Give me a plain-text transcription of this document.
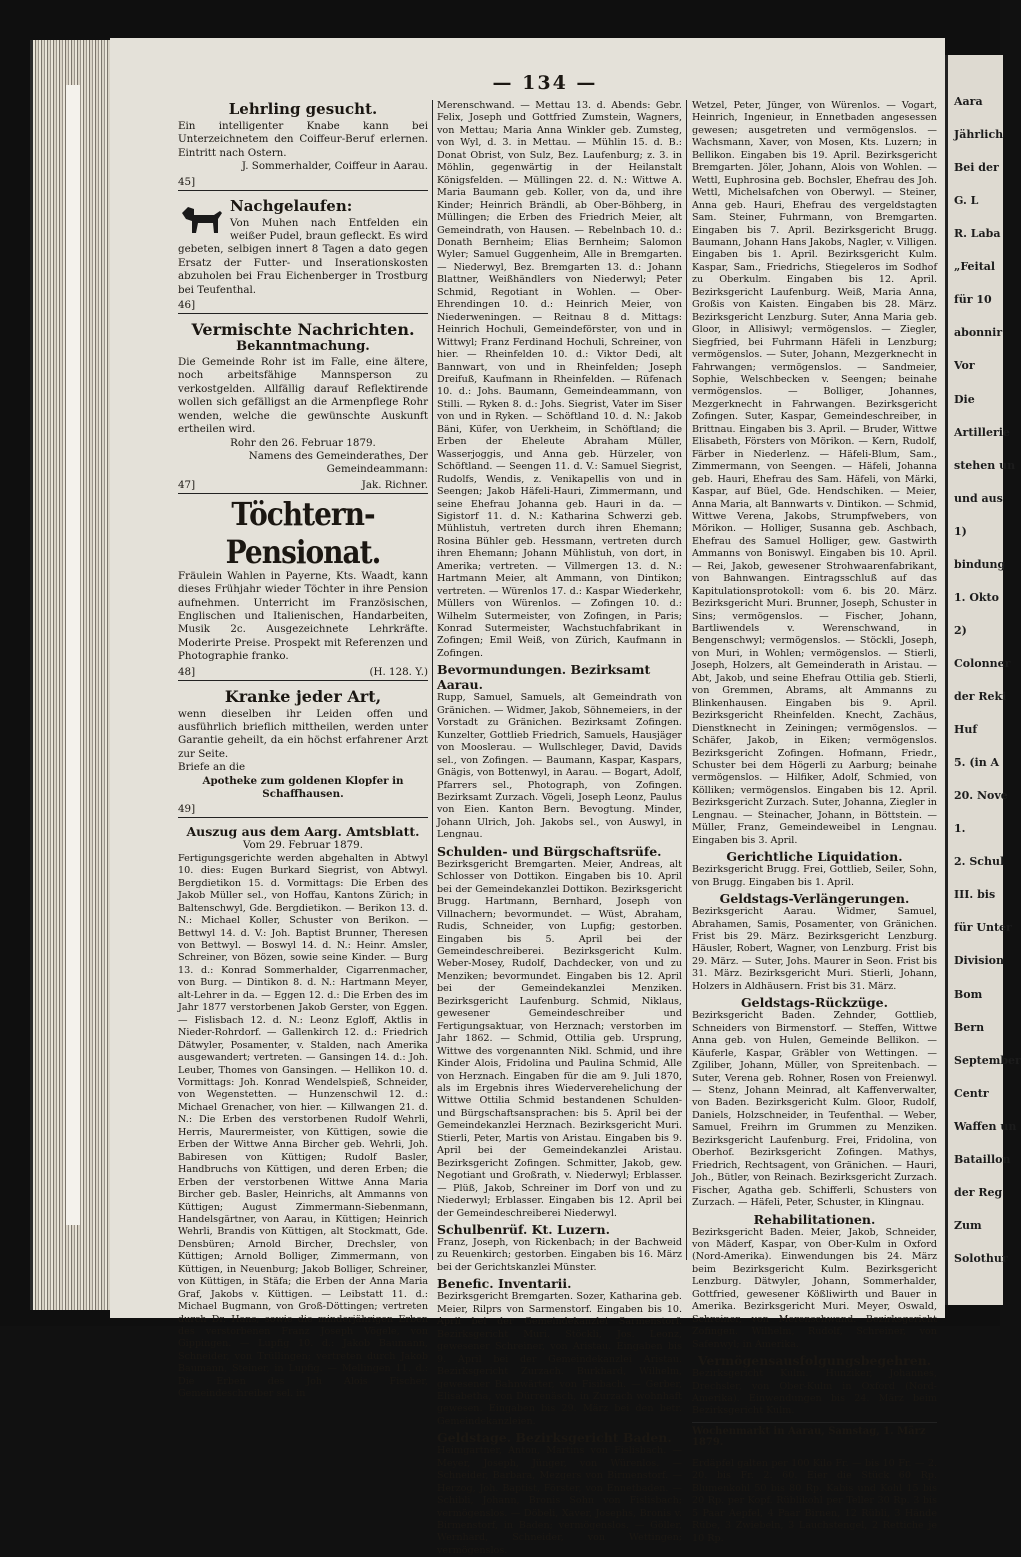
— 134 —

Lehrling gesucht.

Ein intelligenter Knabe kann bei Unterzeichnetem den Coiffeur-Beruf erlernen. Eintritt nach Ostern.

J. Sommerhalder, Coiffeur in Aarau.

45]

Nachgelaufen:

Von Muhen nach Entfelden ein weißer Pudel, braun gefleckt. Es wird gebeten, selbigen innert 8 Tagen a dato gegen Ersatz der Futter- und Inserationskosten abzuholen bei Frau Eichenberger in Trostburg bei Teufenthal.

46]

Vermischte Nachrichten.

Bekanntmachung.

Die Gemeinde Rohr ist im Falle, eine ältere, noch arbeitsfähige Mannsperson zu verkostgelden. Allfällig darauf Reflektirende wollen sich gefälligst an die Armenpflege Rohr wenden, welche die gewünschte Auskunft ertheilen wird.

Rohr den 26. Februar 1879.

Namens des Gemeinderathes, Der Gemeindeammann:

47]	Jak. Richner.

Töchtern-Pensionat.

Fräulein Wahlen in Payerne, Kts. Waadt, kann dieses Frühjahr wieder Töchter in ihre Pension aufnehmen. Unterricht im Französischen, Englischen und Italienischen, Handarbeiten, Musik 2c. Ausgezeichnete Lehrkräfte. Moderirte Preise. Prospekt mit Referenzen und Photographie franko.

48]	(H. 128. Y.)

Kranke jeder Art,

wenn dieselben ihr Leiden offen und ausführlich brieflich mittheilen, werden unter Garantie geheilt, da ein höchst erfahrener Arzt zur Seite.

Briefe an die

Apotheke zum goldenen Klopfer in Schaffhausen.

49]

Auszug aus dem Aarg. Amtsblatt.

Vom 29. Februar 1879.

Fertigungsgerichte werden abgehalten in Abtwyl 10. dies: Eugen Burkard Siegrist, von Abtwyl. Bergdietikon 15. d. Vormittags: Die Erben des Jakob Müller sel., von Hoffau, Kantons Zürich; in Baltenschwyl, Gde. Bergdietikon. — Berikon 13. d. N.: Michael Koller, Schuster von Berikon. — Bettwyl 14. d. V.: Joh. Baptist Brunner, Theresen von Bettwyl. — Boswyl 14. d. N.: Heinr. Amsler, Schreiner, von Bözen, sowie seine Kinder. — Burg 13. d.: Konrad Sommerhalder, Cigarrenmacher, von Burg. — Dintikon 8. d. N.: Hartmann Meyer, alt-Lehrer in da. — Eggen 12. d.: Die Erben des im Jahr 1877 verstorbenen Jakob Gerster, von Eggen. — Fislisbach 12. d. N.: Leonz Egloff, Aktlis in Nieder-Rohrdorf. — Gallenkirch 12. d.: Friedrich Dätwyler, Posamenter, v. Stalden, nach Amerika ausgewandert; vertreten. — Gansingen 14. d.: Joh. Leuber, Thomes von Gansingen. — Hellikon 10. d. Vormittags: Joh. Konrad Wendelspieß, Schneider, von Wegenstetten. — Hunzenschwil 12. d.: Michael Grenacher, von hier. — Killwangen 21. d. N.: Die Erben des verstorbenen Rudolf Wehrli, Herris, Maurermeister, von Küttigen, sowie die Erben der Wittwe Anna Bircher geb. Wehrli, Joh. Babiresen von Küttigen; Rudolf Basler, Handbruchs von Küttigen, und deren Erben; die Erben der verstorbenen Wittwe Anna Maria Bircher geb. Basler, Heinrichs, alt Ammanns von Küttigen; August Zimmermann-Siebenmann, Handelsgärtner, von Aarau, in Küttigen; Heinrich Wehrli, Brandis von Küttigen, alt Stockmatt, Gde. Densbüren; Arnold Bircher, Drechsler, von Küttigen; Arnold Bolliger, Zimmermann, von Küttigen, in Neuenburg; Jakob Bolliger, Schreiner, von Küttigen, in Stäfa; die Erben der Anna Maria Graf, Jakobs v. Küttigen. — Leibstatt 11. d.: Michael Bugmann, von Groß-Döttingen; vertreten durch Dr. Hans; sowie die minderjährigen Erben des verstorbenen Franz Joseph Vögele, von Gippingen. — Lupfig 10. d.: Jakob Baumann, Schneider, von Trüllingen; vertreten durch Jakob Baumann, Steiner, in Lupfig. — Mellingen 11. d.: Die Erben des Joh Alois Fischer, Gemeindeschreiber sel. in

Merenschwand. — Mettau 13. d. Abends: Gebr. Felix, Joseph und Gottfried Zumstein, Wagners, von Mettau; Maria Anna Winkler geb. Zumsteg, von Wyl, d. 3. in Mettau. — Mühlin 15. d. B.: Donat Obrist, von Sulz, Bez. Laufenburg; z. 3. in Möhlin, gegenwärtig in der Heilanstalt Königsfelden. — Müllingen 22. d. N.: Wittwe A. Maria Baumann geb. Koller, von da, und ihre Kinder; Heinrich Brändli, ab Ober-Böhberg, in Müllingen; die Erben des Friedrich Meier, alt Gemeindrath, von Hausen. — Rebelnbach 10. d.: Donath Bernheim; Elias Bernheim; Salomon Wyler; Samuel Guggenheim, Alle in Bremgarten. — Niederwyl, Bez. Bremgarten 13. d.: Johann Blattner, Weißhändlers von Niederwyl; Peter Schmid, Regotiant in Wohlen. — Ober-Ehrendingen 10. d.: Heinrich Meier, von Niederweningen. — Reitnau 8 d. Mittags: Heinrich Hochuli, Gemeindeförster, von und in Wittwyl; Franz Ferdinand Hochuli, Schreiner, von hier. — Rheinfelden 10. d.: Viktor Dedi, alt Bannwart, von und in Rheinfelden; Joseph Dreifuß, Kaufmann in Rheinfelden. — Rüfenach 10. d.: Johs. Baumann, Gemeindeammann, von Stilli. — Ryken 8. d.: Johs. Siegrist, Vater im Siser von und in Ryken. — Schöftland 10. d. N.: Jakob Bäni, Küfer, von Uerkheim, in Schöftland; die Erben der Eheleute Abraham Müller, Wasserjoggis, und Anna geb. Hürzeler, von Schöftland. — Seengen 11. d. V.: Samuel Siegrist, Rudolfs, Wendis, z. Venikapellis von und in Seengen; Jakob Häfeli-Hauri, Zimmermann, und seine Ehefrau Johanna geb. Hauri in da. — Sigistorf 11. d. N.: Katharina Schwerzi geb. Mühlistuh, vertreten durch ihren Ehemann; Rosina Bühler geb. Hessmann, vertreten durch ihren Ehemann; Johann Mühlistuh, von dort, in Amerika; vertreten. — Villmergen 13. d. N.: Hartmann Meier, alt Ammann, von Dintikon; vertreten. — Würenlos 17. d.: Kaspar Wiederkehr, Müllers von Würenlos. — Zofingen 10. d.: Wilhelm Sutermeister, von Zofingen, in Paris; Konrad Sutermeister, Wachstuchfabrikant in Zofingen; Emil Weiß, von Zürich, Kaufmann in Zofingen.

Bevormundungen. Bezirksamt Aarau.

Rupp, Samuel, Samuels, alt Gemeindrath von Gränichen. — Widmer, Jakob, Söhnemeiers, in der Vorstadt zu Gränichen. Bezirksamt Zofingen. Kunzelter, Gottlieb Friedrich, Samuels, Hausjäger von Mooslerau. — Wullschleger, David, Davids sel., von Zofingen. — Baumann, Kaspar, Kaspars, Gnägis, von Bottenwyl, in Aarau. — Bogart, Adolf, Pfarrers sel., Photograph, von Zofingen. Bezirksamt Zurzach. Vögeli, Joseph Leonz, Paulus von Eien. Kanton Bern. Bevogtung. Minder, Johann Ulrich, Joh. Jakobs sel., von Auswyl, in Lengnau.

Schulden- und Bürgschaftsrüfe.

Bezirksgericht Bremgarten. Meier, Andreas, alt Schlosser von Dottikon. Eingaben bis 10. April bei der Gemeindekanzlei Dottikon. Bezirksgericht Brugg. Hartmann, Bernhard, Joseph von Villnachern; bevormundet. — Wüst, Abraham, Rudis, Schneider, von Lupfig; gestorben. Eingaben bis 5. April bei der Gemeindeschreiberei. Bezirksgericht Kulm. Weber-Mosey, Rudolf, Dachdecker, von und zu Menziken; bevormundet. Eingaben bis 12. April bei der Gemeindekanzlei Menziken. Bezirksgericht Laufenburg. Schmid, Niklaus, gewesener Gemeindeschreiber und Fertigungsaktuar, von Herznach; verstorben im Jahr 1862. — Schmid, Ottilia geb. Ursprung, Wittwe des vorgenannten Nikl. Schmid, und ihre Kinder Alois, Fridolina und Paulina Schmid, Alle von Herznach. Eingaben für die am 9. Juli 1870, als im Ergebnis ihres Wiederverehelichung der Wittwe Ottilia Schmid bestandenen Schulden- und Bürgschaftsansprachen: bis 5. April bei der Gemeindekanzlei Herznach. Bezirksgericht Muri. Stierli, Peter, Martis von Aristau. Eingaben bis 9. April bei der Gemeindekanzlei Aristau. Bezirksgericht Zofingen. Schmitter, Jakob, gew. Negotiant und Großrath, v. Niederwyl; Erblasser. — Plüß, Jakob, Schreiner im Dorf von und zu Niederwyl; Erblasser. Eingaben bis 12. April bei der Gemeindeschreiberei Niederwyl.

Schulbenrüf. Kt. Luzern.

Franz, Joseph, von Rickenbach; in der Bachweid zu Reuenkirch; gestorben. Eingaben bis 16. März bei der Gerichtskanzlei Münster.

Benefic. Inventarii.

Bezirksgericht Bremgarten. Sozer, Katharina geb. Meier, Rilprs von Sarmenstorf. Eingaben bis 10. April bei der Gemeindekanzlei Sarmenstorf. Bezirksgericht Muri. Stöckli, Jos. Leonz, gewesener Schreiner, von Aristau. Eingaben bis 9. April bei der Gemeindekanzlei Aristau. Bezirksgericht Zurzach. Burkhard, Wilhelm, gewesener Bahnwärter, von Fisibach. — Gerber, Elisabetha, von Dürrenäsch, in Zurzach wohnhaft gewesen. Eingaben bis 29. März bei den betr. Gemeindekanzleien.

Geldstage. Bezirksgericht Baden.

Heimgartner, Anton, Martins von Fislisbach. — Meyer, Joseph, Jünger, von Würenlos. — Schneider, Barbara, Mezgers von Birmenstorf. — Herzog, Joh. Baptist, Förster, von Ennetbaden. — Schibli, Johann, Bronis Sohn von Fislisbach; vermögenslos. — Döbeli, Xaver, Josephs, Bronis v. Birmenstorf, in Baden; vermögenslos. — Göller, Wernhard, Schneider, von Wettingen; vermögenslos.

Wetzel, Peter, Jünger, von Würenlos. — Vogart, Heinrich, Ingenieur, in Ennetbaden angesessen gewesen; ausgetreten und vermögenslos. — Wachsmann, Xaver, von Mosen, Kts. Luzern; in Bellikon. Eingaben bis 19. April. Bezirksgericht Bremgarten. Jöler, Johann, Alois von Wohlen. — Wettl, Euphrosina geb. Bochsler, Ehefrau des Joh. Wettl, Michelsafchen von Oberwyl. — Steiner, Anna geb. Hauri, Ehefrau des vergeldstagten Sam. Steiner, Fuhrmann, von Bremgarten. Eingaben bis 7. April. Bezirksgericht Brugg. Baumann, Johann Hans Jakobs, Nagler, v. Villigen. Eingaben bis 1. April. Bezirksgericht Kulm. Kaspar, Sam., Friedrichs, Stiegeleros im Sodhof zu Oberkulm. Eingaben bis 12. April. Bezirksgericht Laufenburg. Weiß, Maria Anna, Großis von Kaisten. Eingaben bis 28. März. Bezirksgericht Lenzburg. Suter, Anna Maria geb. Gloor, in Allisiwyl; vermögenslos. — Ziegler, Siegfried, bei Fuhrmann Häfeli in Lenzburg; vermögenslos. — Suter, Johann, Mezgerknecht in Fahrwangen; vermögenslos. — Sandmeier, Sophie, Welschbecken v. Seengen; beinahe vermögenslos. — Bolliger, Johannes, Mezgerknecht in Fahrwangen. Bezirksgericht Zofingen. Suter, Kaspar, Gemeindeschreiber, in Brittnau. Eingaben bis 3. April. — Bruder, Wittwe Elisabeth, Försters von Mörikon. — Kern, Rudolf, Färber in Niederlenz. — Häfeli-Blum, Sam., Zimmermann, von Seengen. — Häfeli, Johanna geb. Hauri, Ehefrau des Sam. Häfeli, von Märki, Kaspar, auf Büel, Gde. Hendschiken. — Meier, Anna Maria, alt Bannwarts v. Dintikon. — Schmid, Wittwe Verena, Jakobs, Strumpfwebers, von Mörikon. — Holliger, Susanna geb. Aschbach, Ehefrau des Samuel Holliger, gew. Gastwirth Ammanns von Boniswyl. Eingaben bis 10. April. — Rei, Jakob, gewesener Strohwaarenfabrikant, von Bahnwangen. Eintragsschluß auf das Kapitulationsprotokoll: vom 6. bis 20. März. Bezirksgericht Muri. Brunner, Joseph, Schuster in Sins; vermögenslos. — Fischer, Johann, Bartliwendels v. Werenschwand, in Bengenschwyl; vermögenslos. — Stöckli, Joseph, von Muri, in Wohlen; vermögenslos. — Stierli, Joseph, Holzers, alt Gemeinderath in Aristau. — Abt, Jakob, und seine Ehefrau Ottilia geb. Stierli, von Gremmen, Abrams, alt Ammanns zu Blinkenhausen. Eingaben bis 9. April. Bezirksgericht Rheinfelden. Knecht, Zachäus, Dienstknecht in Zeiningen; vermögenslos. — Schäfer, Jakob, in Eiken; vermögenslos. Bezirksgericht Zofingen. Hofmann, Friedr., Schuster bei dem Högerli zu Aarburg; beinahe vermögenslos. — Hilfiker, Adolf, Schmied, von Kölliken; vermögenslos. Eingaben bis 12. April. Bezirksgericht Zurzach. Suter, Johanna, Ziegler in Lengnau. — Steinacher, Johann, in Böttstein. — Müller, Franz, Gemeindeweibel in Lengnau. Eingaben bis 3. April.

Gerichtliche Liquidation.

Bezirksgericht Brugg. Frei, Gottlieb, Seiler, Sohn, von Brugg. Eingaben bis 1. April.

Geldstags-Verlängerungen.

Bezirksgericht Aarau. Widmer, Samuel, Abrahamen, Samis, Posamenter, von Gränichen. Frist bis 29. März. Bezirksgericht Lenzburg. Häusler, Robert, Wagner, von Lenzburg. Frist bis 29. März. — Suter, Johs. Maurer in Seon. Frist bis 31. März. Bezirksgericht Muri. Stierli, Johann, Holzers in Aldhäusern. Frist bis 31. März.

Geldstags-Rückzüge.

Bezirksgericht Baden. Zehnder, Gottlieb, Schneiders von Birmenstorf. — Steffen, Wittwe Anna geb. von Hulen, Gemeinde Bellikon. — Käuferle, Kaspar, Gräbler von Wettingen. — Zgiliber, Johann, Müller, von Spreitenbach. — Suter, Verena geb. Rohner, Rosen von Freienwyl. — Stenz, Johann Meinrad, alt Kaffenverwalter, von Baden. Bezirksgericht Kulm. Gloor, Rudolf, Daniels, Holzschneider, in Teufenthal. — Weber, Samuel, Freihrn im Grummen zu Menziken. Bezirksgericht Laufenburg. Frei, Fridolina, von Oberhof. Bezirksgericht Zofingen. Mathys, Friedrich, Rechtsagent, von Gränichen. — Hauri, Joh., Bütler, von Reinach. Bezirksgericht Zurzach. Fischer, Agatha geb. Schifferli, Schusters von Zurzach. — Häfeli, Peter, Schuster, in Klingnau.

Rehabilitationen.

Bezirksgericht Baden. Meier, Jakob, Schneider, von Mäderf, Kaspar, von Ober-Kulm in Oxford (Nord-Amerika). Einwendungen bis 24. März beim Bezirksgericht Kulm. Bezirksgericht Lenzburg. Dätwyler, Johann, Sommerhalder, Gottfried, gewesener Kößliwirth und Bauer in Amerika. Bezirksgericht Muri. Meyer, Oswald, Schreiner, von Merenschwand. Bezirksgericht Zofingen. Wilhelm, Rudolf, Schreiner, von Safenwyl; in Amerika.

Vermögensausfolgungsbegehren.

Bezirksgericht Kulm. Hunziker, Johannes, Drechsler, von Ober-Kulm in Oxford (Nord-Amerika). Einwendungen bis 24. März beim Bezirksgericht Kulm.

Wochenmarkt in Aarau, Samstag, 1. März 1879.

Erdäpfel galten per 100 Kilo Fr. — bis 10 Fr. — 2. 20. bis Fr. 2. 60. Eier die Stück 60 Rp. Blumenkohl 50 bis 80 Rp. Kabis und Kohl 15 bis 20 Rp. per Kopf. Rüblikohl per Teller 30 Rp. 3 bis 5 Paar Aepfel, 4 Paar Birnen, 12 Rübli, 3 Hände Rübe, 3 Zwiebeln, 3 Lauchstengel, 2 Rettiche je 10 Rp.

Aara
Jährlich
Bei der
G. L
R. Laba
„Feital
für 10
abonnir
Vor
Die
Artillerie
stehen un
und aus
1)
bindung
1. Okto
2)
Colonner
der Reki
Huf
5. (in A
20. Nove
1.
2. Schul
III. bis
für Unter
Division
Bom
Bern
September
Centr
Waffen un
Bataillon
der Reg
Zum
Solothur
